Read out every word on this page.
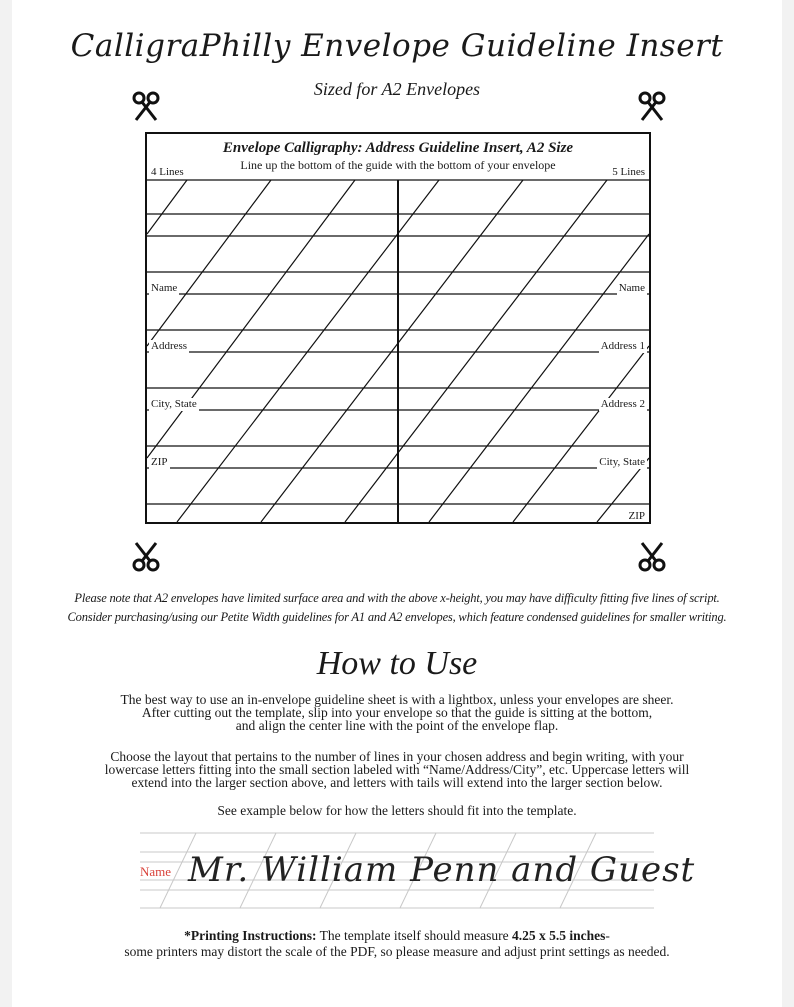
CalligraPhilly Envelope Guideline Insert
Sized for A2 Envelopes
Envelope Calligraphy: Address Guideline Insert, A2 Size
Line up the bottom of the guide with the bottom of your envelope
4 Lines	5 Lines
Name
Address
City, State
ZIP
Name
Address 1
Address 2
City, State
ZIP
Please note that A2 envelopes have limited surface area and with the above x-height, you may have difficulty fitting five lines of script.
Consider purchasing/using our Petite Width guidelines for A1 and A2 envelopes, which feature condensed guidelines for smaller writing.
How to Use
The best way to use an in-envelope guideline sheet is with a lightbox, unless your envelopes are sheer.
After cutting out the template, slip into your envelope so that the guide is sitting at the bottom,
and align the center line with the point of the envelope flap.
Choose the layout that pertains to the number of lines in your chosen address and begin writing, with your
lowercase letters fitting into the small section labeled with “Name/Address/City”, etc. Uppercase letters will
extend into the larger section above, and letters with tails will extend into the larger section below.
See example below for how the letters should fit into the template.
Name Mr. William Penn and Guest
*Printing Instructions: The template itself should measure 4.25 x 5.5 inches-
some printers may distort the scale of the PDF, so please measure and adjust print settings as needed.
